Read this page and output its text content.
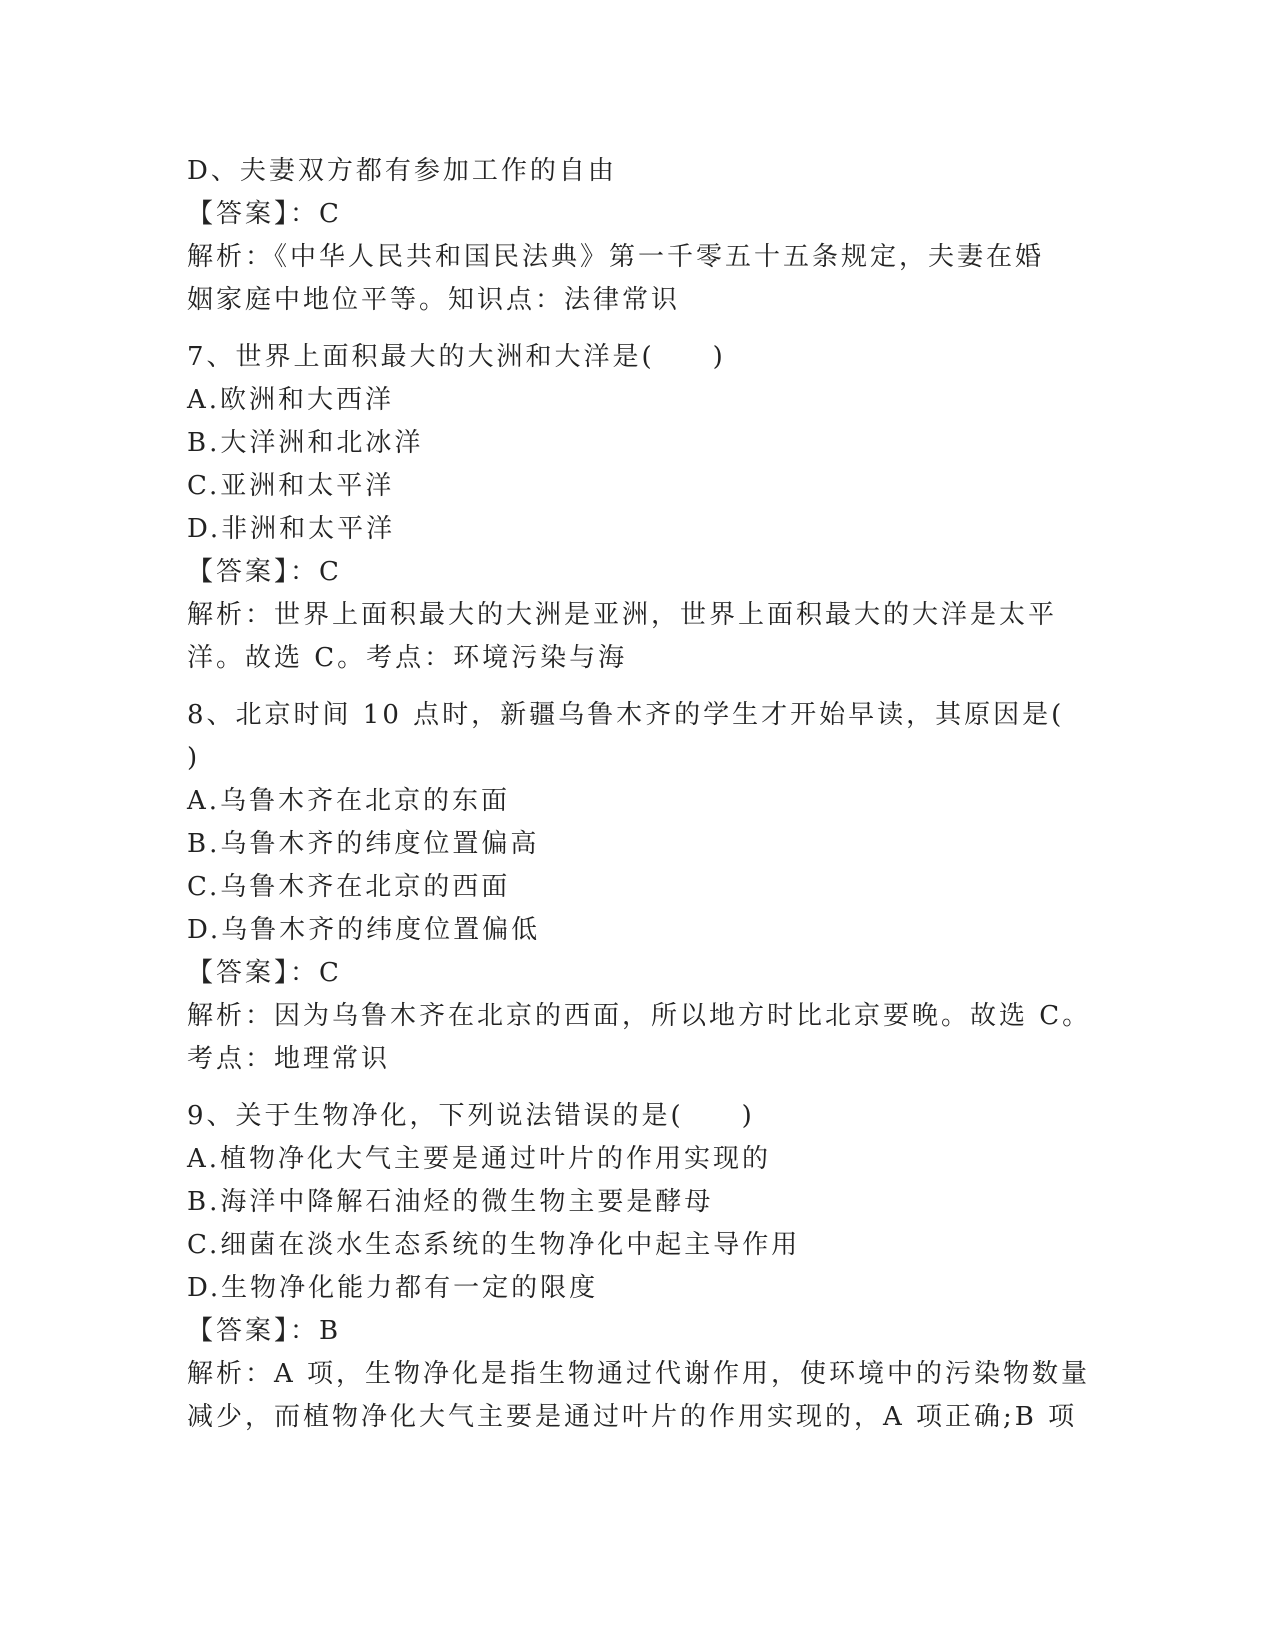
D、夫妻双方都有参加工作的自由
【答案】：C
解析：《中华人民共和国民法典》第一千零五十五条规定，夫妻在婚
姻家庭中地位平等。知识点：法律常识
7、世界上面积最大的大洲和大洋是(　　)
A.欧洲和大西洋
B.大洋洲和北冰洋
C.亚洲和太平洋
D.非洲和太平洋
【答案】：C
解析：世界上面积最大的大洲是亚洲，世界上面积最大的大洋是太平
洋。故选 C。考点：环境污染与海
8、北京时间 10 点时，新疆乌鲁木齐的学生才开始早读，其原因是(
)
A.乌鲁木齐在北京的东面
B.乌鲁木齐的纬度位置偏高
C.乌鲁木齐在北京的西面
D.乌鲁木齐的纬度位置偏低
【答案】：C
解析：因为乌鲁木齐在北京的西面，所以地方时比北京要晚。故选 C。
考点：地理常识
9、关于生物净化，下列说法错误的是(　　)
A.植物净化大气主要是通过叶片的作用实现的
B.海洋中降解石油烃的微生物主要是酵母
C.细菌在淡水生态系统的生物净化中起主导作用
D.生物净化能力都有一定的限度
【答案】：B
解析：A 项，生物净化是指生物通过代谢作用，使环境中的污染物数量
减少，而植物净化大气主要是通过叶片的作用实现的，A 项正确;B 项
